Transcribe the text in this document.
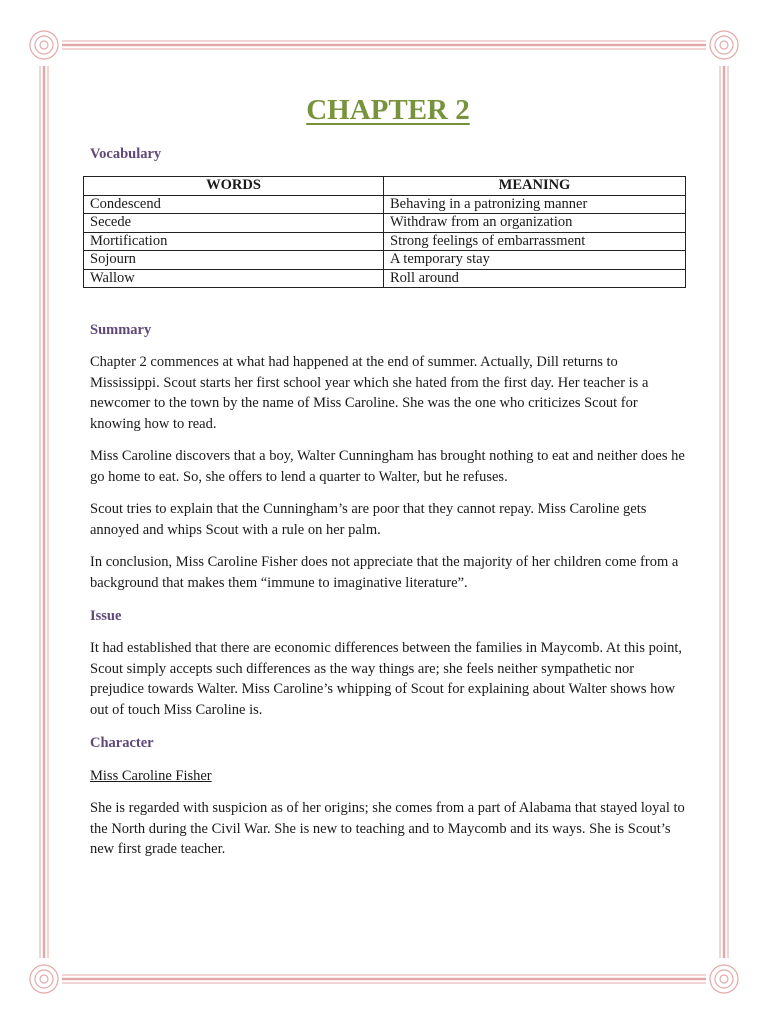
CHAPTER 2
Vocabulary
WORDS	MEANING
Condescend	Behaving in a patronizing manner
Secede	Withdraw from an organization
Mortification	Strong feelings of embarrassment
Sojourn	A temporary stay
Wallow	Roll around
Summary

Chapter 2 commences at what had happened at the end of summer. Actually, Dill returns to Mississippi. Scout starts her first school year which she hated from the first day. Her teacher is a newcomer to the town by the name of Miss Caroline. She was the one who criticizes Scout for knowing how to read.

Miss Caroline discovers that a boy, Walter Cunningham has brought nothing to eat and neither does he go home to eat. So, she offers to lend a quarter to Walter, but he refuses.

Scout tries to explain that the Cunningham’s are poor that they cannot repay. Miss Caroline gets annoyed and whips Scout with a rule on her palm.

In conclusion, Miss Caroline Fisher does not appreciate that the majority of her children come from a background that makes them “immune to imaginative literature”.

Issue

It had established that there are economic differences between the families in Maycomb. At this point, Scout simply accepts such differences as the way things are; she feels neither sympathetic nor prejudice towards Walter. Miss Caroline’s whipping of Scout for explaining about Walter shows how out of touch Miss Caroline is.

Character
Miss Caroline Fisher

She is regarded with suspicion as of her origins; she comes from a part of Alabama that stayed loyal to the North during the Civil War. She is new to teaching and to Maycomb and its ways. She is Scout’s new first grade teacher.
